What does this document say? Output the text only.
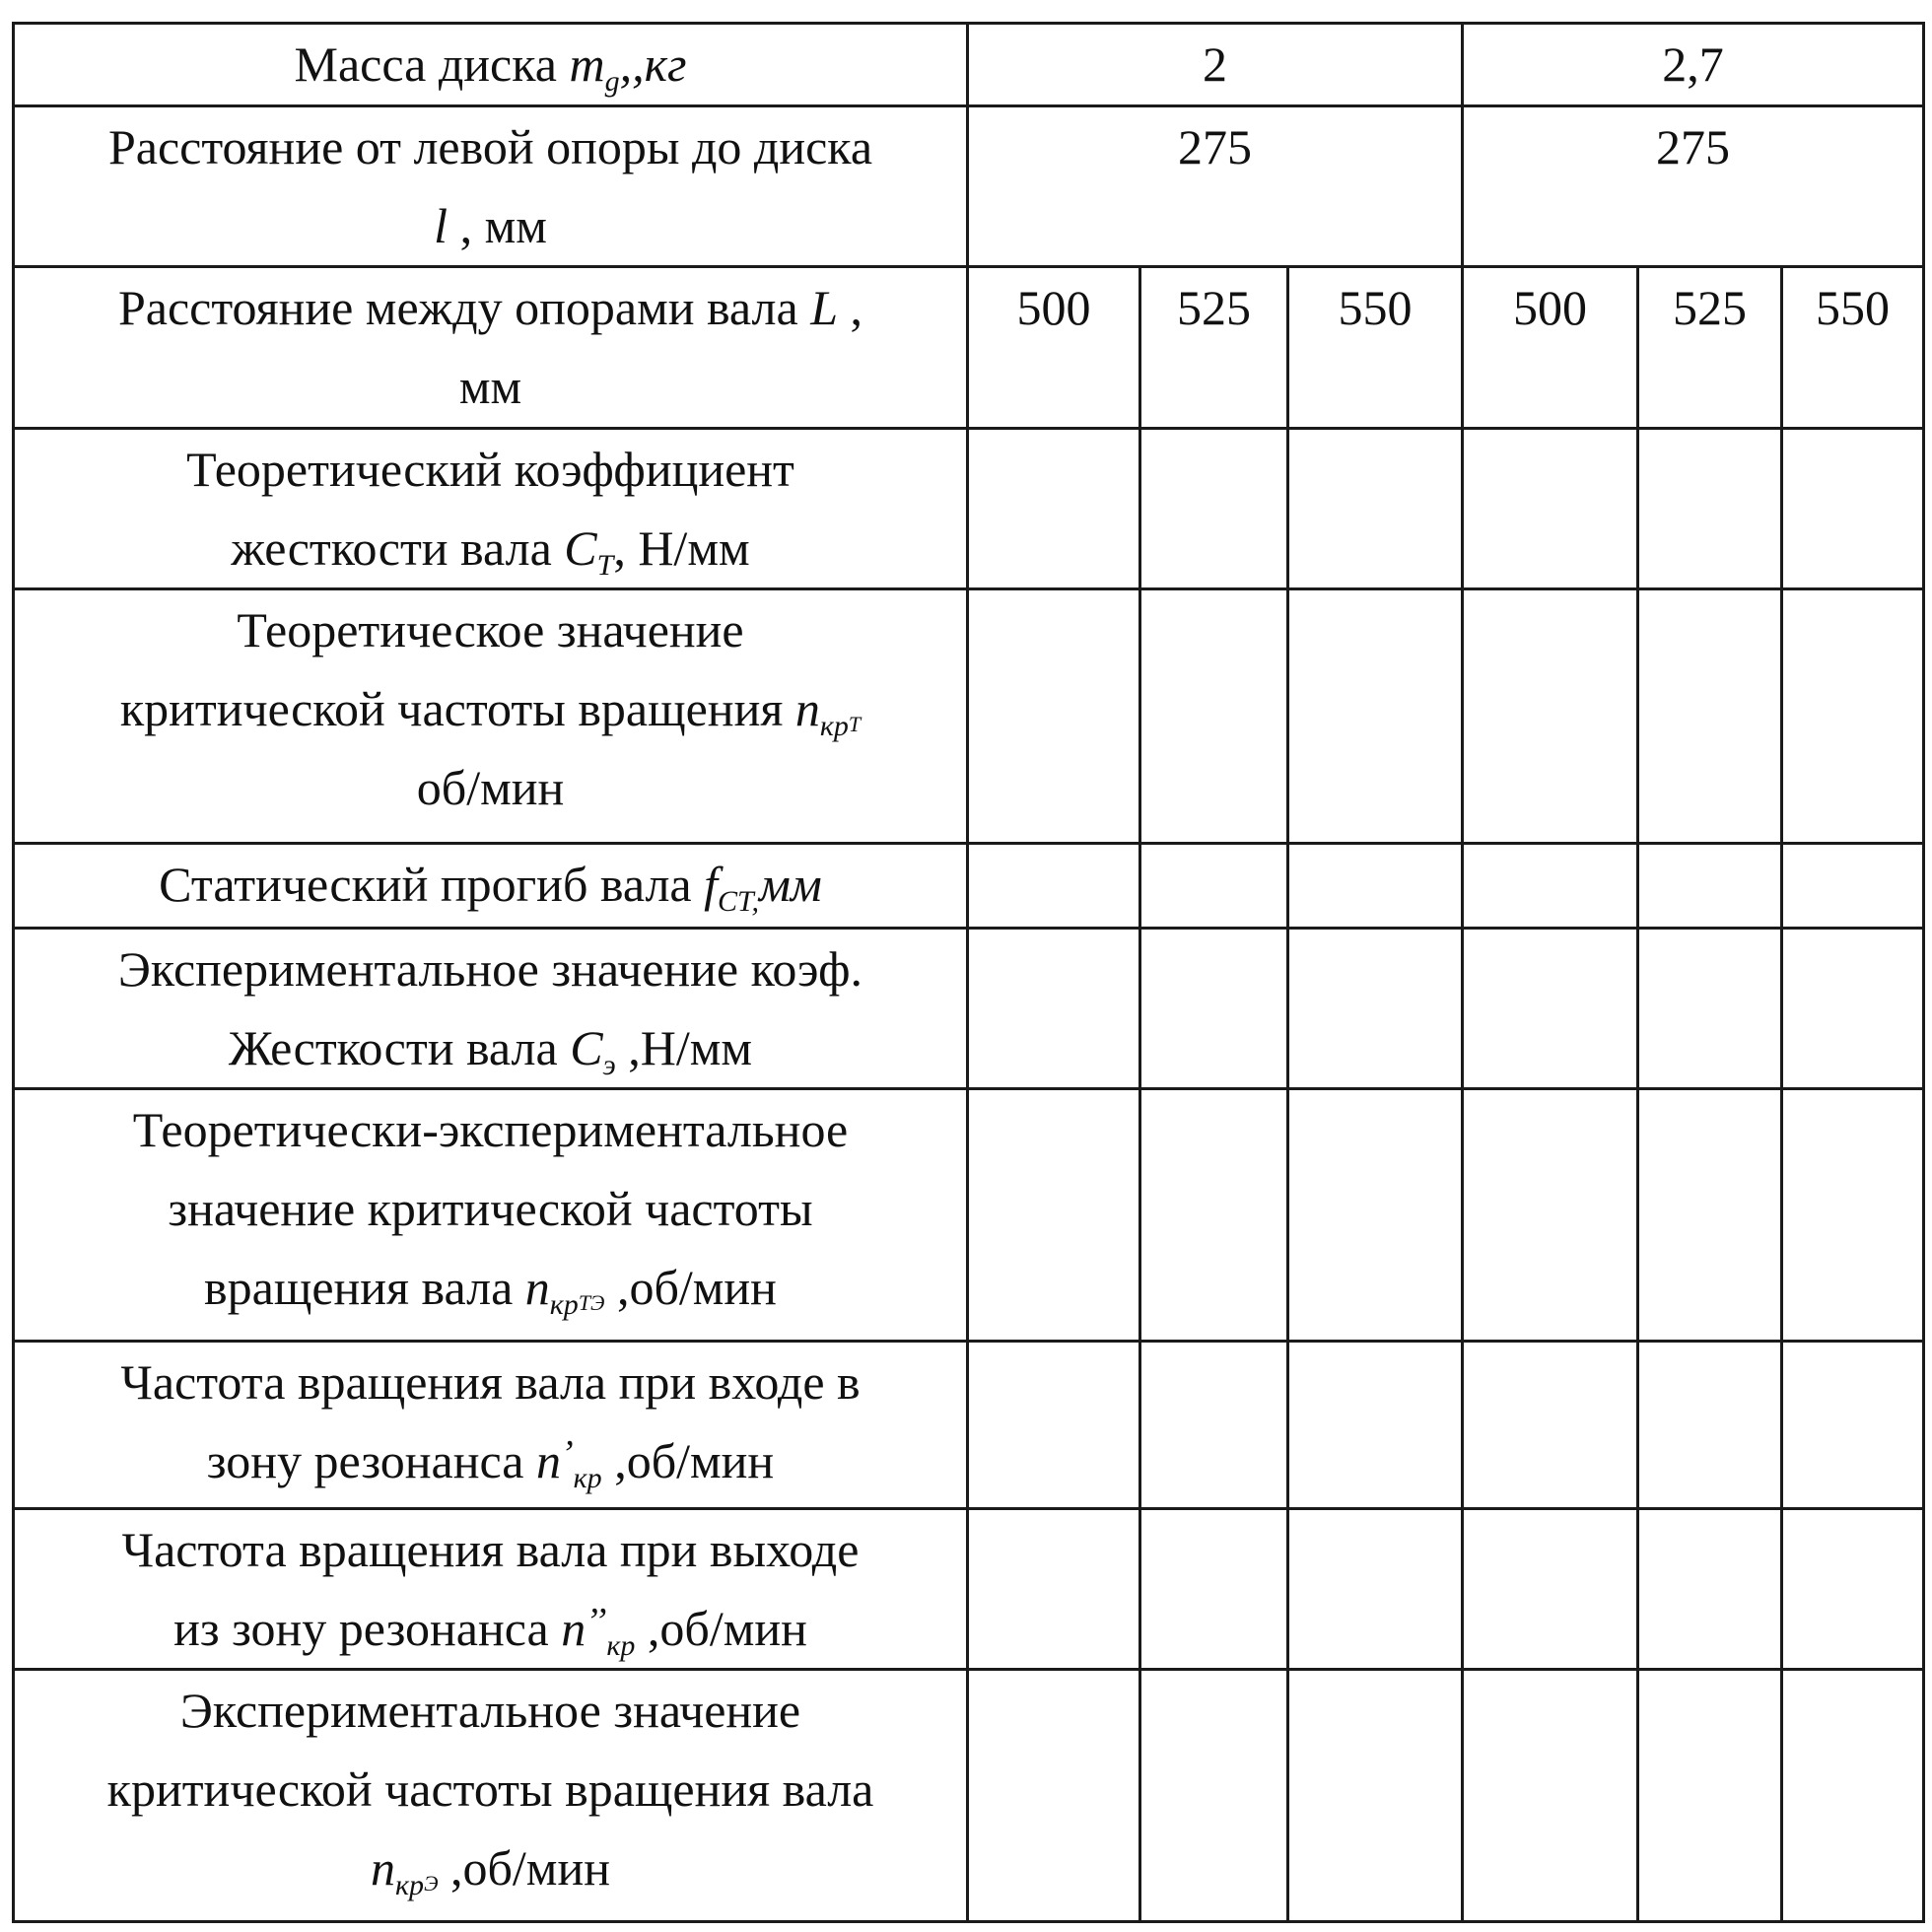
Масса диска $m_g,,кг$	2			2,7		

Расстояние от левой опоры до диска
l , мм	275			275		

Расстояние между опорами вала L ,
мм	500	525	550	500	525	550

Теоретический коэффициент
жесткости вала $C_T$, Н/мм						

Теоретическое значение
критической частоты вращения $n_{кр}T$
об/мин						

Статический прогиб вала $f_{CT,}мм$						

Экспериментальное значение коэф.
Жесткости вала $C_э$ ,Н/мм						

Теоретически-экспериментальное
значение критической частоты
вращения вала $n_{кр}ТЭ$ ,об/мин						

Частота вращения вала при входе в
зону резонанса $n^’_{кр}$ ,об/мин						

Частота вращения вала при выходе
из зону резонанса $n^{’’}_{кр}$ ,об/мин						

Экспериментальное значение
критической частоты вращения вала
$n_{кр}Э$ ,об/мин						
